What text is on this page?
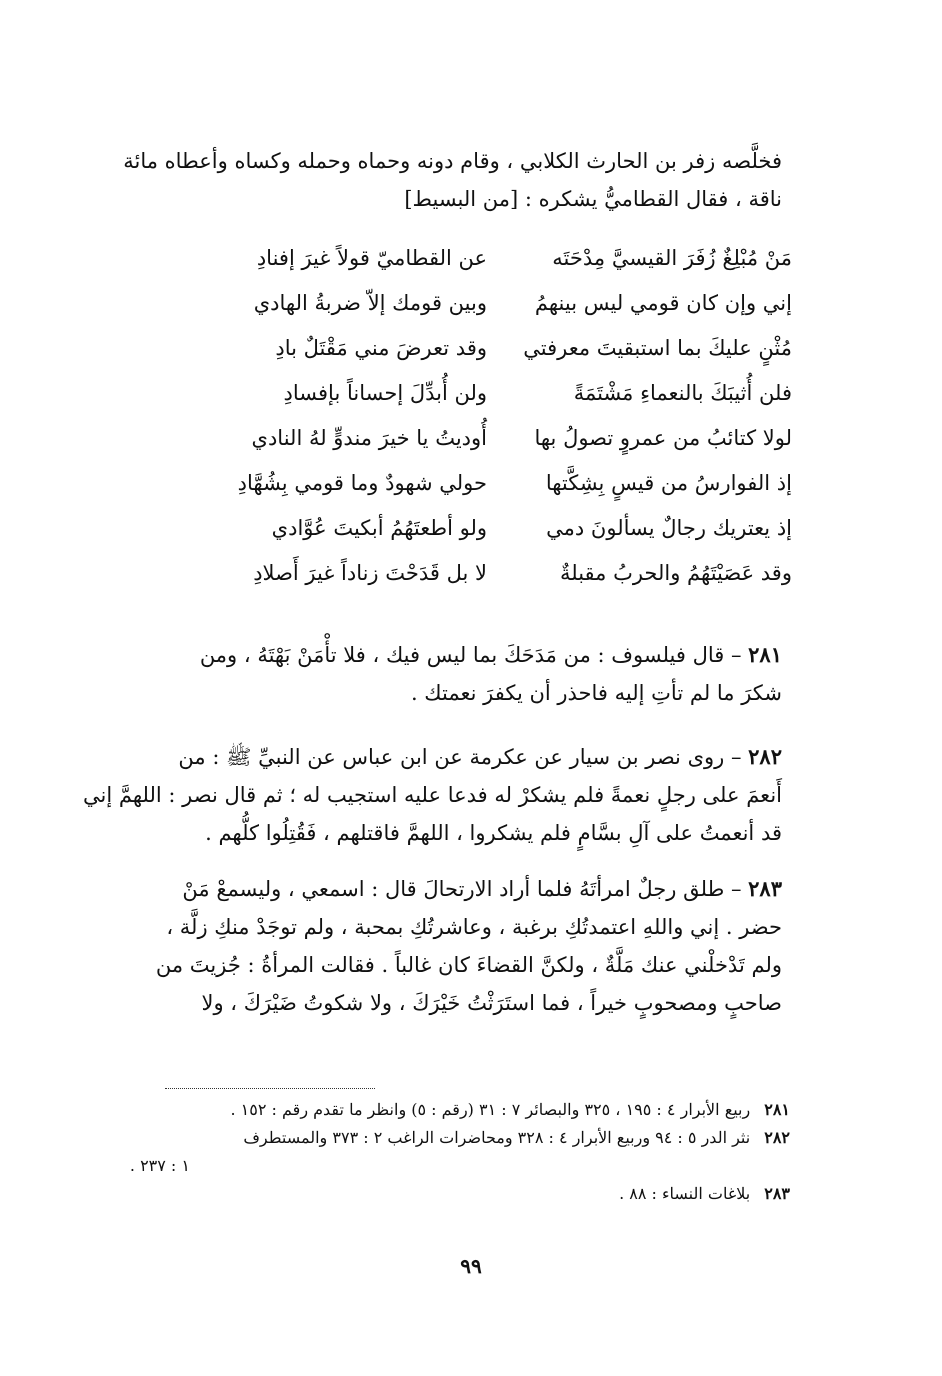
فخلَّصه زفر بن الحارث الكلابي ، وقام دونه وحماه وحمله وكساه وأعطاه مائة
ناقة ، فقال القطاميُّ يشكره : [من البسيط]
مَنْ مُبْلِغٌ زُفَرَ القيسيَّ مِدْحَتَه
عن القطاميّ قولاً غيرَ إفنادِ
إني وإن كان قومي ليس بينهمُ
وبين قومك إلاّ ضربةُ الهادي
مُثْنٍ عليكَ بما استبقيتَ معرفتي
وقد تعرضَ مني مَقْتَلٌ بادِ
فلن أُثيبَكَ بالنعماءِ مَشْتَمَةً
ولن أُبدِّلَ إحساناً بإفسادِ
لولا كتائبُ من عمروٍ تصولُ بها
أُوديتُ يا خيرَ مندوٍّ لهُ النادي
إذ الفوارسُ من قيسٍ بِشِكَّتها
حولي شهودٌ وما قومي بِشُهَّادِ
إذ يعتريك رجالٌ يسألونَ دمي
ولو أطعتَهُمُ أبكيتَ عُوَّادي
وقد عَصَيْتَهُمُ والحربُ مقبلةٌ
لا بل قَدَحْتَ زناداً غيرَ أَصلادِ
٢٨١ – قال فيلسوف : من مَدَحَكَ بما ليس فيك ، فلا تأْمَنْ بَهْتَهُ ، ومن
شكرَ ما لم تأتِ إليه فاحذر أن يكفرَ نعمتك .
٢٨٢ – روى نصر بن سيار عن عكرمة عن ابن عباس عن النبيِّ ﷺ : من
أَنعمَ على رجلٍ نعمةً فلم يشكرْ له فدعا عليه استجيب له ؛ ثم قال نصر : اللهمَّ إني
قد أنعمتُ على آلِ بسَّامٍ فلم يشكروا ، اللهمَّ فاقتلهم ، فَقُتِلُوا كلُّهم .
٢٨٣ – طلق رجلٌ امرأتَهُ فلما أراد الارتحالَ قال : اسمعي ، وليسمعْ مَنْ
حضر . إني واللهِ اعتمدتُكِ برغبة ، وعاشرتُكِ بمحبة ، ولم توجَدْ منكِ زلَّة ،
ولم تَدْخلْني عنك مَلَّةٌ ، ولكنَّ القضاءَ كان غالباً . فقالت المرأةُ : جُزيتَ من
صاحبٍ ومصحوبٍ خيراً ، فما استَرَثْتُ خَيْرَكَ ، ولا شكوتُ ضَيْرَكَ ، ولا
٢٨١ربيع الأبرار ٤ : ١٩٥ ، ٣٢٥ والبصائر ٧ : ٣١ (رقم : ٥) وانظر ما تقدم رقم : ١٥٢ .
٢٨٢نثر الدر ٥ : ٩٤ وربيع الأبرار ٤ : ٣٢٨ ومحاضرات الراغب ٢ : ٣٧٣ والمستطرف
١ : ٢٣٧ .
٢٨٣بلاغات النساء : ٨٨ .
٩٩
